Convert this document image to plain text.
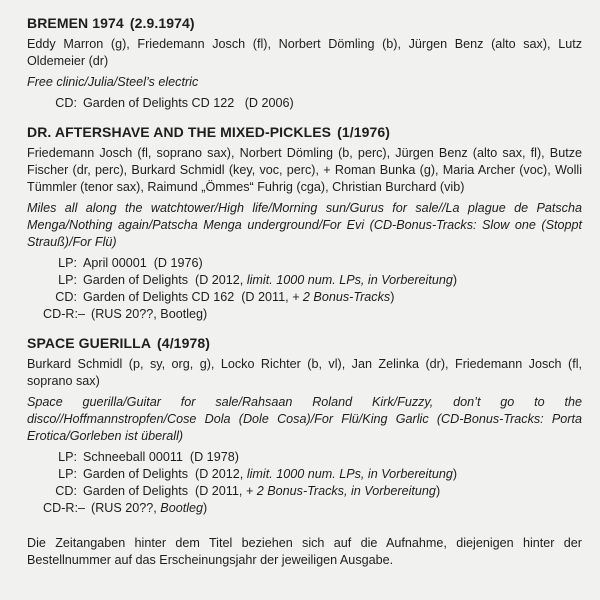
BREMEN 1974 (2.9.1974)

Eddy Marron (g), Friedemann Josch (fl), Norbert Dömling (b), Jürgen Benz (alto sax), Lutz Oldemeier (dr)

Free clinic/Julia/Steel’s electric

CD: Garden of Delights CD 122   (D 2006)
DR. AFTERSHAVE AND THE MIXED-PICKLES (1/1976)

Friedemann Josch (fl, soprano sax), Norbert Dömling (b, perc), Jürgen Benz (alto sax, fl), Butze Fischer (dr, perc), Burkard Schmidl (key, voc, perc), + Roman Bunka (g), Maria Archer (voc), Wolli Tümmler (tenor sax), Raimund „Ömmes“ Fuhrig (cga), Christian Burchard (vib)

Miles all along the watchtower/High life/Morning sun/Gurus for sale//La plague de Patscha Menga/Nothing again/Patscha Menga underground/For Evi (CD-Bonus-Tracks: Slow one (Stoppt Strauß)/For Flü)

LP: April 00001  (D 1976)
LP: Garden of Delights  (D 2012, limit. 1000 num. LPs, in Vorbereitung)
CD: Garden of Delights CD 162  (D 2011, + 2 Bonus-Tracks)
CD-R:– (RUS 20??, Bootleg)
SPACE GUERILLA (4/1978)

Burkard Schmidl (p, sy, org, g), Locko Richter (b, vl), Jan Zelinka (dr), Friedemann Josch (fl, soprano sax)

Space guerilla/Guitar for sale/Rahsaan Roland Kirk/Fuzzy, don’t go to the disco//Hoffmannstropfen/Cose Dola (Dole Cosa)/For Flü/King Garlic (CD-Bonus-Tracks: Porta Erotica/Gorleben ist überall)

LP: Schneeball 00011  (D 1978)
LP: Garden of Delights  (D 2012, limit. 1000 num. LPs, in Vorbereitung)
CD: Garden of Delights  (D 2011, + 2 Bonus-Tracks, in Vorbereitung)
CD-R:– (RUS 20??, Bootleg)

Die Zeitangaben hinter dem Titel beziehen sich auf die Aufnahme, diejenigen hinter der Bestellnummer auf das Erscheinungsjahr der jeweiligen Ausgabe.
